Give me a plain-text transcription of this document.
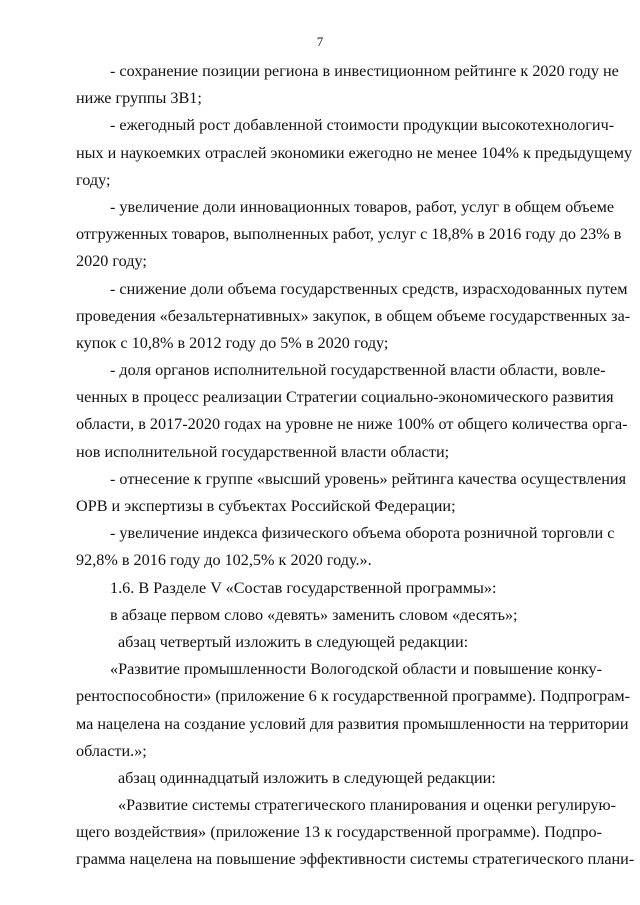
7
- сохранение позиции региона в инвестиционном рейтинге к 2020 году не
ниже группы 3В1;
- ежегодный рост добавленной стоимости продукции высокотехнологич-
ных и наукоемких отраслей экономики ежегодно не менее 104% к предыдущему
году;
- увеличение доли инновационных товаров, работ, услуг в общем объеме
отгруженных товаров, выполненных работ, услуг с 18,8% в 2016 году до 23% в
2020 году;
- снижение доли объема государственных средств, израсходованных путем
проведения «безальтернативных» закупок, в общем объеме государственных за-
купок с 10,8% в 2012 году до 5% в 2020 году;
- доля органов исполнительной государственной власти области, вовле-
ченных в процесс реализации Стратегии социально-экономического развития
области, в 2017-2020 годах на уровне не ниже 100% от общего количества орга-
нов исполнительной государственной власти области;
- отнесение к группе «высший уровень» рейтинга качества осуществления
ОРВ и экспертизы в субъектах Российской Федерации;
- увеличение индекса физического объема оборота розничной торговли с
92,8% в 2016 году до 102,5% к 2020 году.».
1.6. В Разделе V «Состав государственной программы»:
в абзаце первом слово «девять» заменить словом «десять»;
абзац четвертый изложить в следующей редакции:
«Развитие промышленности Вологодской области и повышение конку-
рентоспособности» (приложение 6 к государственной программе). Подпрограм-
ма нацелена на создание условий для развития промышленности на территории
области.»;
абзац одиннадцатый изложить в следующей редакции:
«Развитие системы стратегического планирования и оценки регулирую-
щего воздействия» (приложение 13 к государственной программе). Подпро-
грамма нацелена на повышение эффективности системы стратегического плани-
